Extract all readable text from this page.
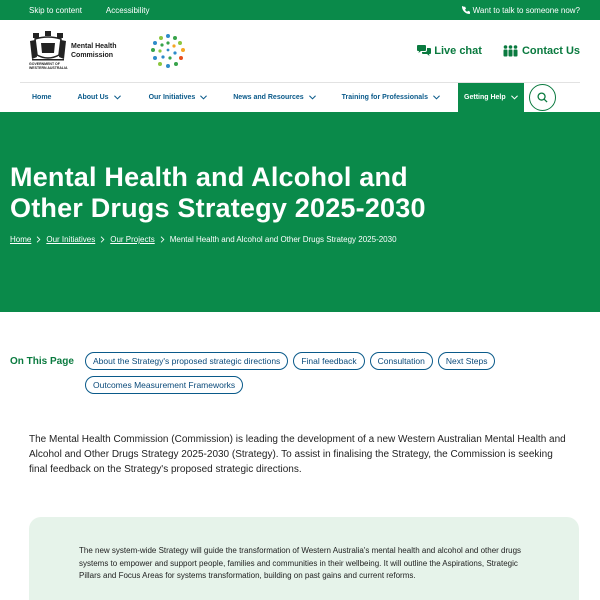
Skip to content	Accessibility	Want to talk to someone now?
GOVERNMENT OF
WESTERN AUSTRALIA
Mental Health
Commission	Live chat	Contact Us
Home	About Us	Our Initiatives	News and Resources	Training for Professionals	Getting Help
Mental Health and Alcohol and Other Drugs Strategy 2025-2030
Home Our Initiatives Our Projects Mental Health and Alcohol and Other Drugs Strategy 2025-2030
On This Page	About the Strategy's proposed strategic directions	Final feedback	Consultation	Next Steps
Outcomes Measurement Frameworks

The Mental Health Commission (Commission) is leading the development of a new Western Australian Mental Health and Alcohol and Other Drugs Strategy 2025-2030 (Strategy). To assist in finalising the Strategy, the Commission is seeking final feedback on the Strategy's proposed strategic directions.

The new system-wide Strategy will guide the transformation of Western Australia's mental health and alcohol and other drugs systems to empower and support people, families and communities in their wellbeing. It will outline the Aspirations, Strategic Pillars and Focus Areas for systems transformation, building on past gains and current reforms.
